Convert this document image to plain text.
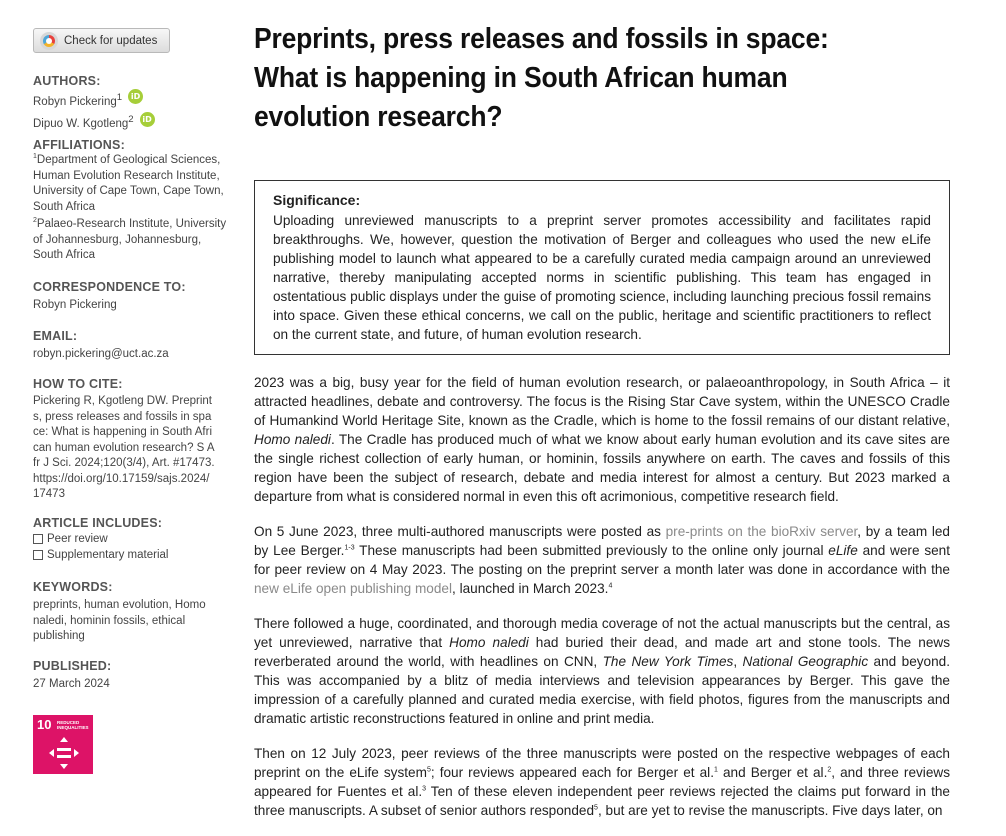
Check for updates

AUTHORS:

Robyn Pickering$^1$	iD
Dipuo W. Kgotleng$^2$	iD

AFFILIATIONS:

$^1$Department of Geological Sciences, Human Evolution Research Institute, University of Cape Town, Cape Town, South Africa

$^2$Palaeo-Research Institute, University of Johannesburg, Johannesburg, South Africa

CORRESPONDENCE TO:

Robyn Pickering

EMAIL:

robyn.pickering@uct.ac.za

HOW TO CITE:

Pickering R, Kgotleng DW. Preprints, press releases and fossils in space: What is happening in South African human evolution research? S Afr J Sci. 2024;120(3/4), Art. #17473. https://doi.org/10.17159/sajs.2024/17473

ARTICLE INCLUDES:

Peer review
Supplementary material

KEYWORDS:

preprints, human evolution, Homo naledi, hominin fossils, ethical publishing

PUBLISHED:

27 March 2024

10 REDUCED INEQUALITIES
Preprints, press releases and fossils in space: What is happening in South African human evolution research?

Significance:

Uploading unreviewed manuscripts to a preprint server promotes accessibility and facilitates rapid breakthroughs. We, however, question the motivation of Berger and colleagues who used the new eLife publishing model to launch what appeared to be a carefully curated media campaign around an unreviewed narrative, thereby manipulating accepted norms in scientific publishing. This team has engaged in ostentatious public displays under the guise of promoting science, including launching precious fossil remains into space. Given these ethical concerns, we call on the public, heritage and scientific practitioners to reflect on the current state, and future, of human evolution research.

2023 was a big, busy year for the field of human evolution research, or palaeoanthropology, in South Africa – it attracted headlines, debate and controversy. The focus is the Rising Star Cave system, within the UNESCO Cradle of Humankind World Heritage Site, known as the Cradle, which is home to the fossil remains of our distant relative, Homo naledi. The Cradle has produced much of what we know about early human evolution and its cave sites are the single richest collection of early human, or hominin, fossils anywhere on earth. The caves and fossils of this region have been the subject of research, debate and media interest for almost a century. But 2023 marked a departure from what is considered normal in even this oft acrimonious, competitive research field.

On 5 June 2023, three multi-authored manuscripts were posted as pre-prints on the bioRxiv server, by a team led by Lee Berger.$^{1-3}$ These manuscripts had been submitted previously to the online only journal eLife and were sent for peer review on 4 May 2023. The posting on the preprint server a month later was done in accordance with the new eLife open publishing model, launched in March 2023.$^4$

There followed a huge, coordinated, and thorough media coverage of not the actual manuscripts but the central, as yet unreviewed, narrative that Homo naledi had buried their dead, and made art and stone tools. The news reverberated around the world, with headlines on CNN, The New York Times, National Geographic and beyond. This was accompanied by a blitz of media interviews and television appearances by Berger. This gave the impression of a carefully planned and curated media exercise, with field photos, figures from the manuscripts and dramatic artistic reconstructions featured in online and print media.

Then on 12 July 2023, peer reviews of the three manuscripts were posted on the respective webpages of each preprint on the eLife system$^5$; four reviews appeared each for Berger et al.$^1$ and Berger et al.$^2$, and three reviews appeared for Fuentes et al.$^3$ Ten of these eleven independent peer reviews rejected the claims put forward in the three manuscripts. A subset of senior authors responded$^5$, but are yet to revise the manuscripts. Five days later, on
